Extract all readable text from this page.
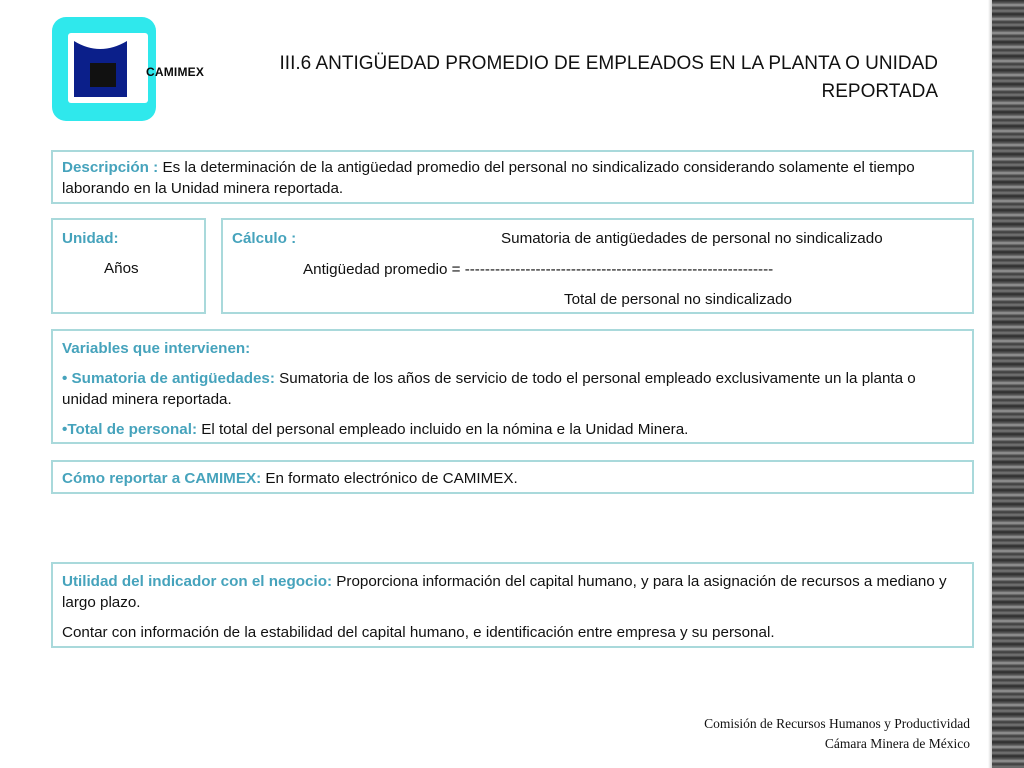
CAMIMEX	III.6 ANTIGÜEDAD PROMEDIO DE EMPLEADOS EN LA PLANTA O UNIDAD
REPORTADA

Descripción : Es la determinación de la antigüedad promedio del personal no sindicalizado considerando solamente el tiempo laborando en la Unidad minera reportada.

Unidad:

Años

Cálculo :	Sumatoria de antigüedades de personal no sindicalizado
Antigüedad promedio = -------------------------------------------------------------
Total de personal no sindicalizado

Variables que intervienen:

• Sumatoria de antigüedades: Sumatoria de los años de servicio de todo el personal empleado exclusivamente un la planta o unidad minera reportada.

•Total de personal: El total del personal empleado incluido en la nómina e la Unidad Minera.

Cómo reportar a CAMIMEX: En formato electrónico de CAMIMEX.

Utilidad del indicador con el negocio: Proporciona información del capital humano, y para la asignación de recursos a mediano y largo plazo.

Contar con información de la estabilidad del capital humano, e identificación entre empresa y su personal.

Comisión de Recursos Humanos y Productividad
Cámara Minera de México
